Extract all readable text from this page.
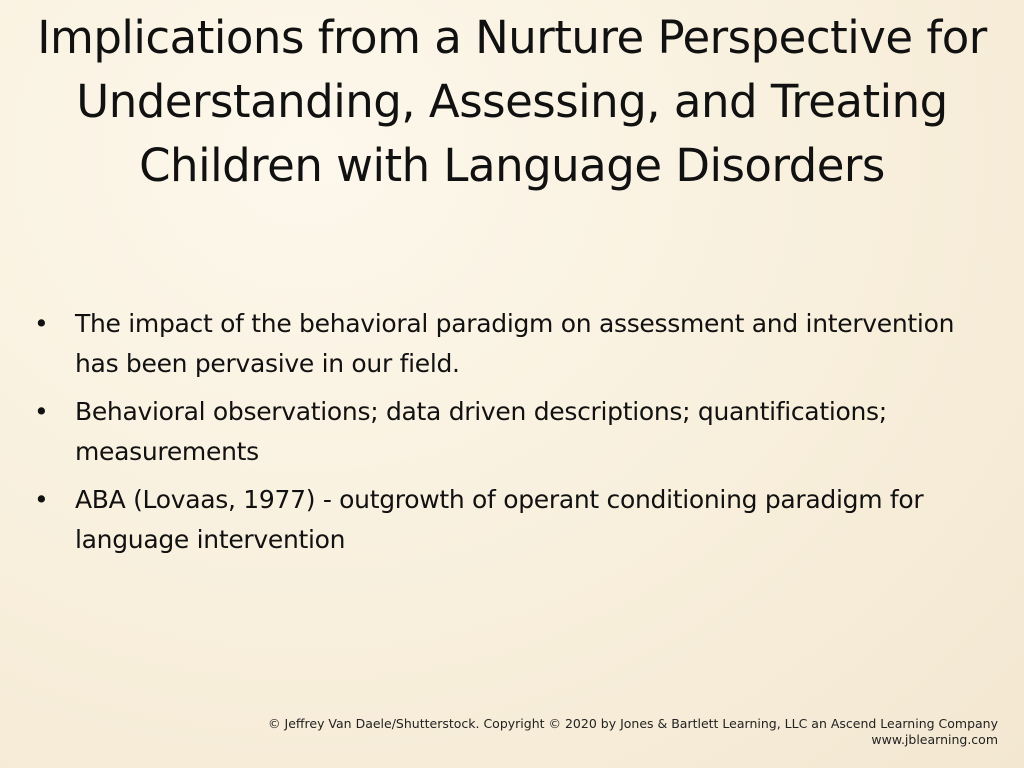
Implications from a Nurture Perspective for Understanding, Assessing, and Treating Children with Language Disorders
• The impact of the behavioral paradigm on assessment and intervention has been pervasive in our field.
• Behavioral observations; data driven descriptions; quantifications; measurements
• ABA (Lovaas, 1977) - outgrowth of operant conditioning paradigm for language intervention
© Jeffrey Van Daele/Shutterstock. Copyright © 2020 by Jones & Bartlett Learning, LLC an Ascend Learning Company
www.jblearning.com
